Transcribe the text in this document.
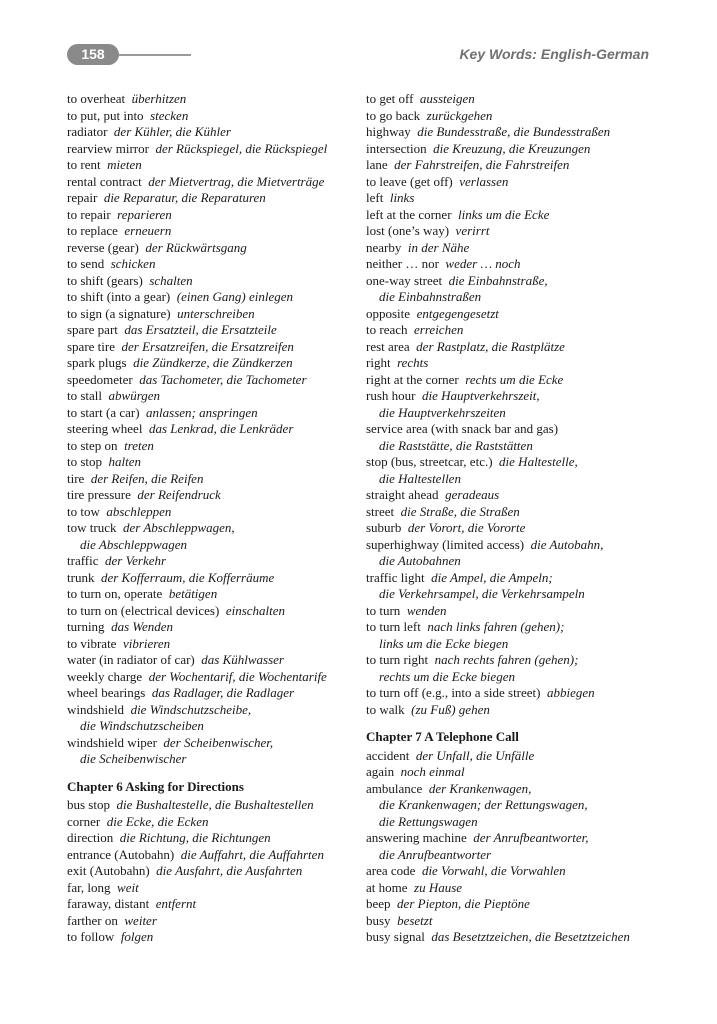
158	Key Words: English-German
to overheat überhitzen
to put, put into stecken
radiator der Kühler, die Kühler
rearview mirror der Rückspiegel, die Rückspiegel
to rent mieten
rental contract der Mietvertrag, die Mietverträge
repair die Reparatur, die Reparaturen
to repair reparieren
to replace erneuern
reverse (gear) der Rückwärtsgang
to send schicken
to shift (gears) schalten
to shift (into a gear) (einen Gang) einlegen
to sign (a signature) unterschreiben
spare part das Ersatzteil, die Ersatzteile
spare tire der Ersatzreifen, die Ersatzreifen
spark plugs die Zündkerze, die Zündkerzen
speedometer das Tachometer, die Tachometer
to stall abwürgen
to start (a car) anlassen; anspringen
steering wheel das Lenkrad, die Lenkräder
to step on treten
to stop halten
tire der Reifen, die Reifen
tire pressure der Reifendruck
to tow abschleppen
tow truck der Abschleppwagen,
die Abschleppwagen
traffic der Verkehr
trunk der Kofferraum, die Kofferräume
to turn on, operate betätigen
to turn on (electrical devices) einschalten
turning das Wenden
to vibrate vibrieren
water (in radiator of car) das Kühlwasser
weekly charge der Wochentarif, die Wochentarife
wheel bearings das Radlager, die Radlager
windshield die Windschutzscheibe,
die Windschutzscheiben
windshield wiper der Scheibenwischer,
die Scheibenwischer
Chapter 6 Asking for Directions
bus stop die Bushaltestelle, die Bushaltestellen
corner die Ecke, die Ecken
direction die Richtung, die Richtungen
entrance (Autobahn) die Auffahrt, die Auffahrten
exit (Autobahn) die Ausfahrt, die Ausfahrten
far, long weit
faraway, distant entfernt
farther on weiter
to follow folgen
to get off aussteigen
to go back zurückgehen
highway die Bundesstraße, die Bundesstraßen
intersection die Kreuzung, die Kreuzungen
lane der Fahrstreifen, die Fahrstreifen
to leave (get off) verlassen
left links
left at the corner links um die Ecke
lost (one’s way) verirrt
nearby in der Nähe
neither … nor weder … noch
one-way street die Einbahnstraße,
die Einbahnstraßen
opposite entgegengesetzt
to reach erreichen
rest area der Rastplatz, die Rastplätze
right rechts
right at the corner rechts um die Ecke
rush hour die Hauptverkehrszeit,
die Hauptverkehrszeiten
service area (with snack bar and gas)
die Raststätte, die Raststätten
stop (bus, streetcar, etc.) die Haltestelle,
die Haltestellen
straight ahead geradeaus
street die Straße, die Straßen
suburb der Vorort, die Vororte
superhighway (limited access) die Autobahn,
die Autobahnen
traffic light die Ampel, die Ampeln;
die Verkehrsampel, die Verkehrsampeln
to turn wenden
to turn left nach links fahren (gehen);
links um die Ecke biegen
to turn right nach rechts fahren (gehen);
rechts um die Ecke biegen
to turn off (e.g., into a side street) abbiegen
to walk (zu Fuß) gehen
Chapter 7 A Telephone Call
accident der Unfall, die Unfälle
again noch einmal
ambulance der Krankenwagen,
die Krankenwagen; der Rettungswagen,
die Rettungswagen
answering machine der Anrufbeantworter,
die Anrufbeantworter
area code die Vorwahl, die Vorwahlen
at home zu Hause
beep der Piepton, die Pieptöne
busy besetzt
busy signal das Besetztzeichen, die Besetztzeichen
